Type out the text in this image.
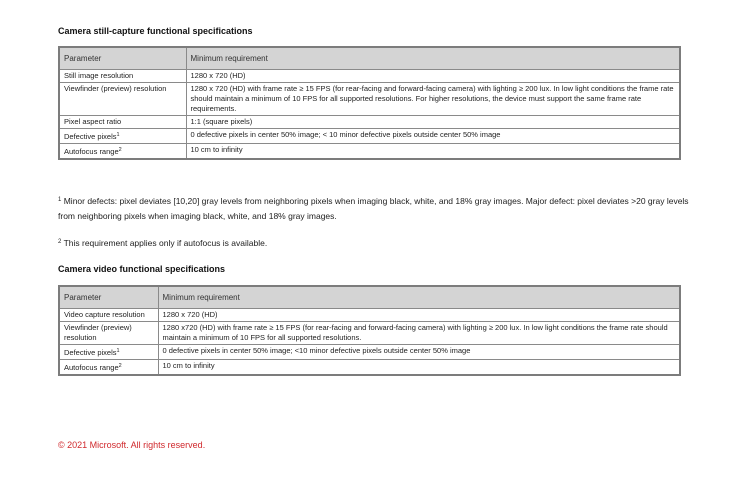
Camera still-capture functional specifications
Parameter	Minimum requirement
Still image resolution	1280 x 720 (HD)
Viewfinder (preview) resolution	1280 x 720 (HD) with frame rate ≥ 15 FPS (for rear-facing and forward-facing camera) with lighting ≥ 200 lux. In low light conditions the frame rate should maintain a minimum of 10 FPS for all supported resolutions. For higher resolutions, the device must support the same frame rate requirements.
Pixel aspect ratio	1:1 (square pixels)
Defective pixels$^1$	0 defective pixels in center 50% image; < 10 minor defective pixels outside center 50% image
Autofocus range$^2$	10 cm to infinity
$^1$ Minor defects: pixel deviates [10,20] gray levels from neighboring pixels when imaging black, white, and 18% gray images. Major defect: pixel deviates >20 gray levels from neighboring pixels when imaging black, white, and 18% gray images.
$^2$ This requirement applies only if autofocus is available.
Camera video functional specifications
Parameter	Minimum requirement
Video capture resolution	1280 x 720 (HD)
Viewfinder (preview) resolution	1280 x720 (HD) with frame rate ≥ 15 FPS (for rear-facing and forward-facing camera) with lighting ≥ 200 lux. In low light conditions the frame rate should maintain a minimum of 10 FPS for all supported resolutions.
Defective pixels$^1$	0 defective pixels in center 50% image; <10 minor defective pixels outside center 50% image
Autofocus range$^2$	10 cm to infinity
© 2021 Microsoft. All rights reserved.
